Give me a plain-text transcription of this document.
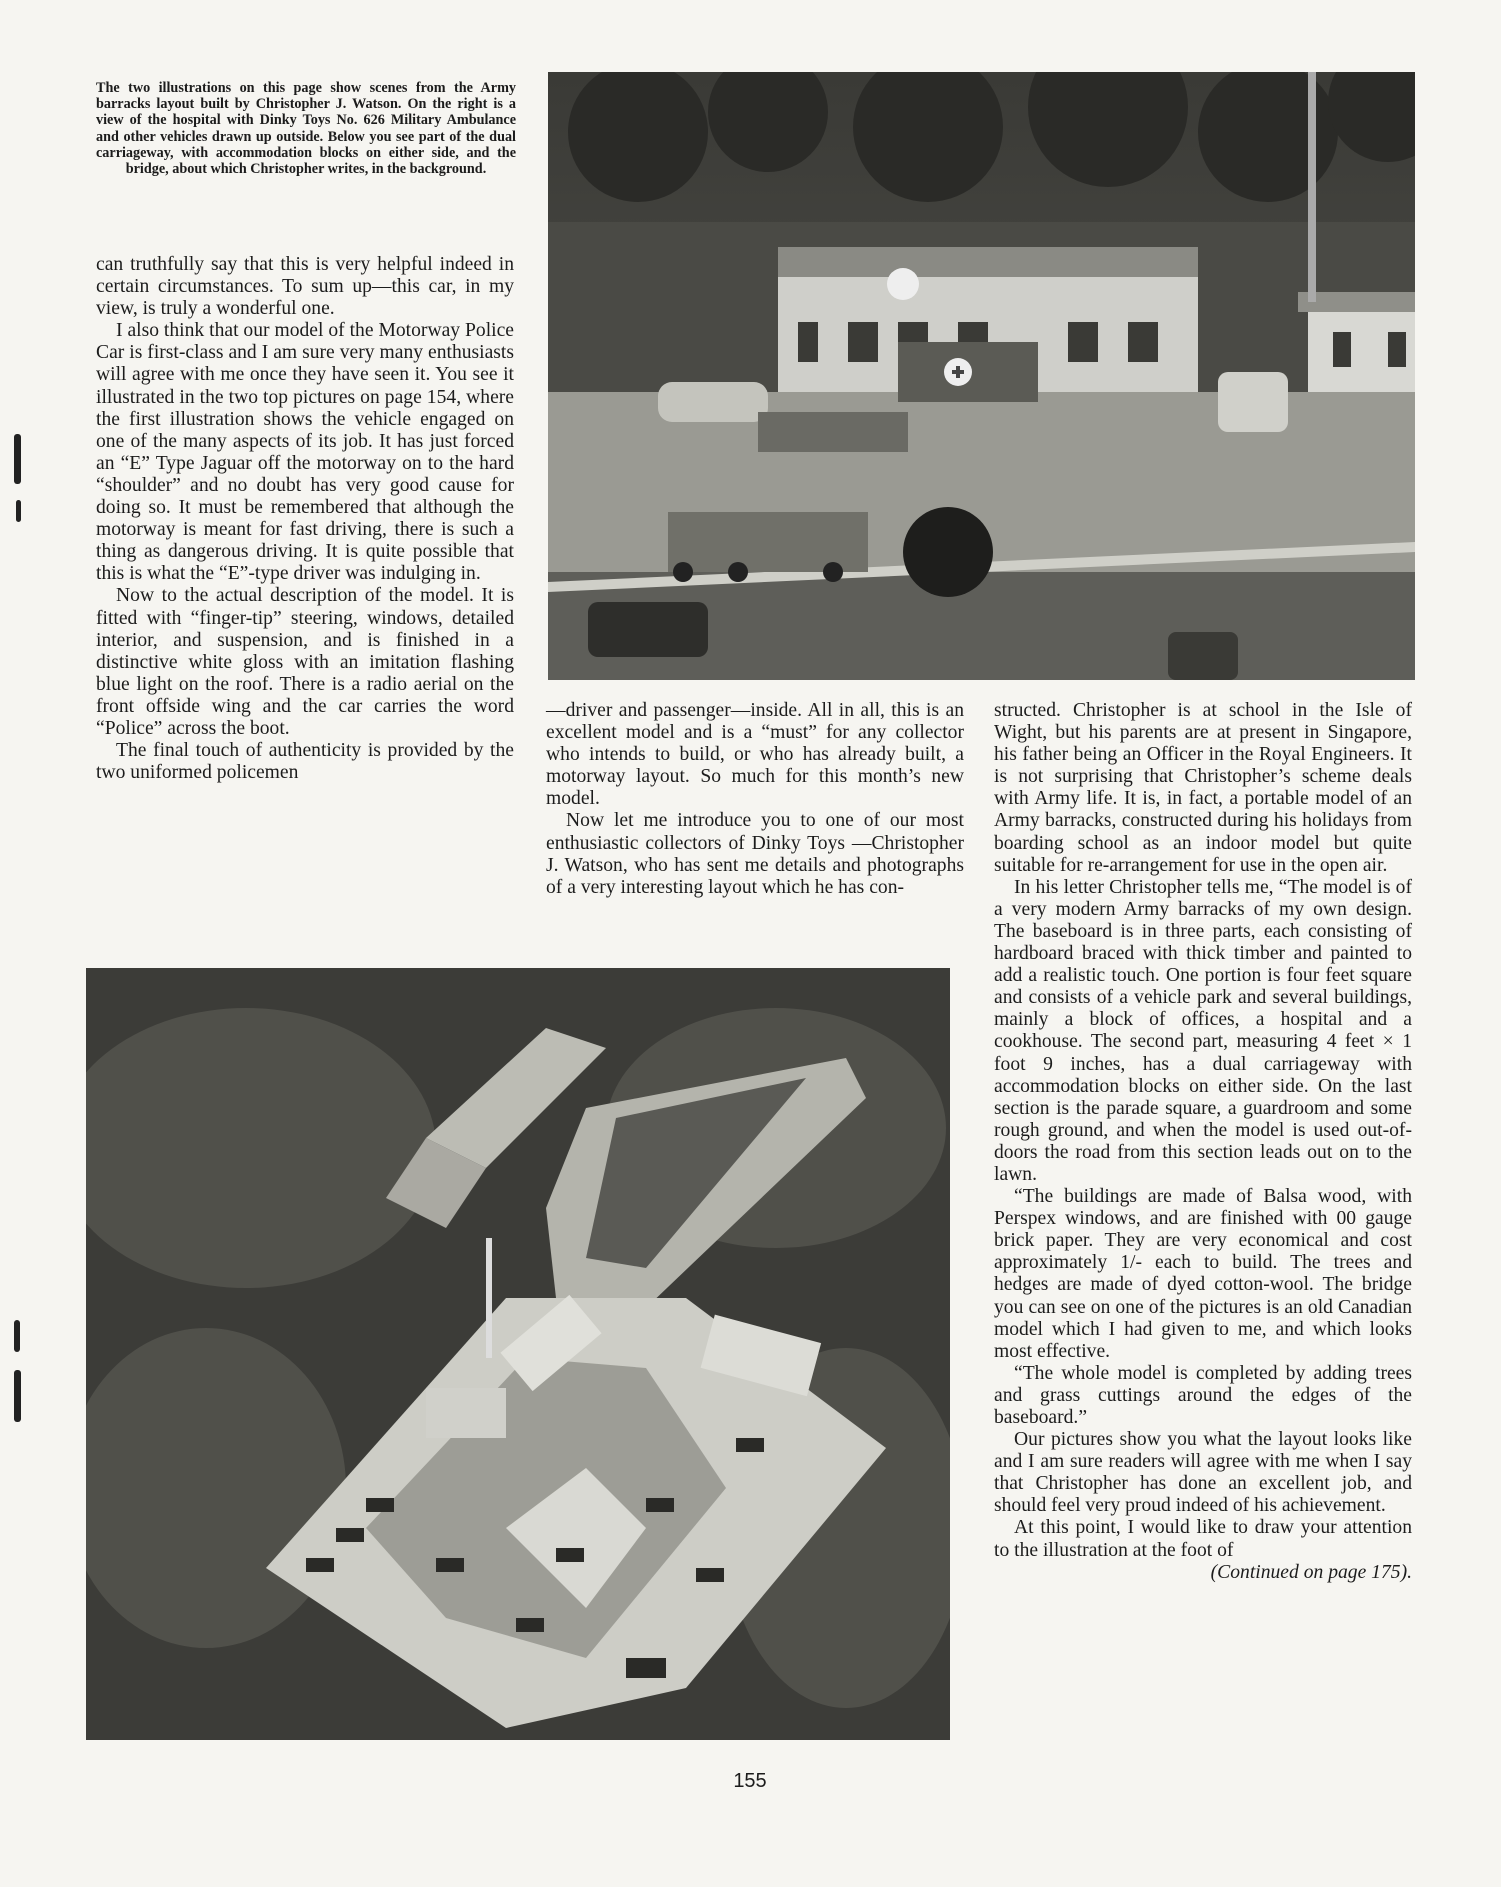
The two illustrations on this page show scenes from the Army barracks layout built by Christopher J. Watson. On the right is a view of the hospital with Dinky Toys No. 626 Military Ambulance and other vehicles drawn up outside. Below you see part of the dual carriageway, with accommodation blocks on either side, and the bridge, about which Christopher writes, in the background.

can truthfully say that this is very helpful indeed in certain circumstances. To sum up—this car, in my view, is truly a wonderful one.

I also think that our model of the Motorway Police Car is first-class and I am sure very many enthusiasts will agree with me once they have seen it. You see it illustrated in the two top pictures on page 154, where the first illustration shows the vehicle engaged on one of the many aspects of its job. It has just forced an “E” Type Jaguar off the motorway on to the hard “shoulder” and no doubt has very good cause for doing so. It must be remembered that although the motorway is meant for fast driving, there is such a thing as dangerous driving. It is quite possible that this is what the “E”-type driver was indulging in.

Now to the actual description of the model. It is fitted with “finger-tip” steering, windows, detailed interior, and suspension, and is finished in a distinctive white gloss with an imitation flashing blue light on the roof. There is a radio aerial on the front offside wing and the car carries the word “Police” across the boot.

The final touch of authenticity is provided by the two uniformed policemen

—driver and passenger—inside. All in all, this is an excellent model and is a “must” for any collector who intends to build, or who has already built, a motorway layout. So much for this month’s new model.

Now let me introduce you to one of our most enthusiastic collectors of Dinky Toys —Christopher J. Watson, who has sent me details and photographs of a very interesting layout which he has con-

structed. Christopher is at school in the Isle of Wight, but his parents are at present in Singapore, his father being an Officer in the Royal Engineers. It is not surprising that Christopher’s scheme deals with Army life. It is, in fact, a portable model of an Army barracks, constructed during his holidays from boarding school as an indoor model but quite suitable for re-arrangement for use in the open air.

In his letter Christopher tells me, “The model is of a very modern Army barracks of my own design. The baseboard is in three parts, each consisting of hardboard braced with thick timber and painted to add a realistic touch. One portion is four feet square and consists of a vehicle park and several buildings, mainly a block of offices, a hospital and a cookhouse. The second part, measuring 4 feet × 1 foot 9 inches, has a dual carriageway with accommodation blocks on either side. On the last section is the parade square, a guardroom and some rough ground, and when the model is used out-of-doors the road from this section leads out on to the lawn.

“The buildings are made of Balsa wood, with Perspex windows, and are finished with 00 gauge brick paper. They are very economical and cost approximately 1/- each to build. The trees and hedges are made of dyed cotton-wool. The bridge you can see on one of the pictures is an old Canadian model which I had given to me, and which looks most effective.

“The whole model is completed by adding trees and grass cuttings around the edges of the baseboard.”

Our pictures show you what the layout looks like and I am sure readers will agree with me when I say that Christopher has done an excellent job, and should feel very proud indeed of his achievement.

At this point, I would like to draw your attention to the illustration at the foot of

(Continued on page 175).

155
